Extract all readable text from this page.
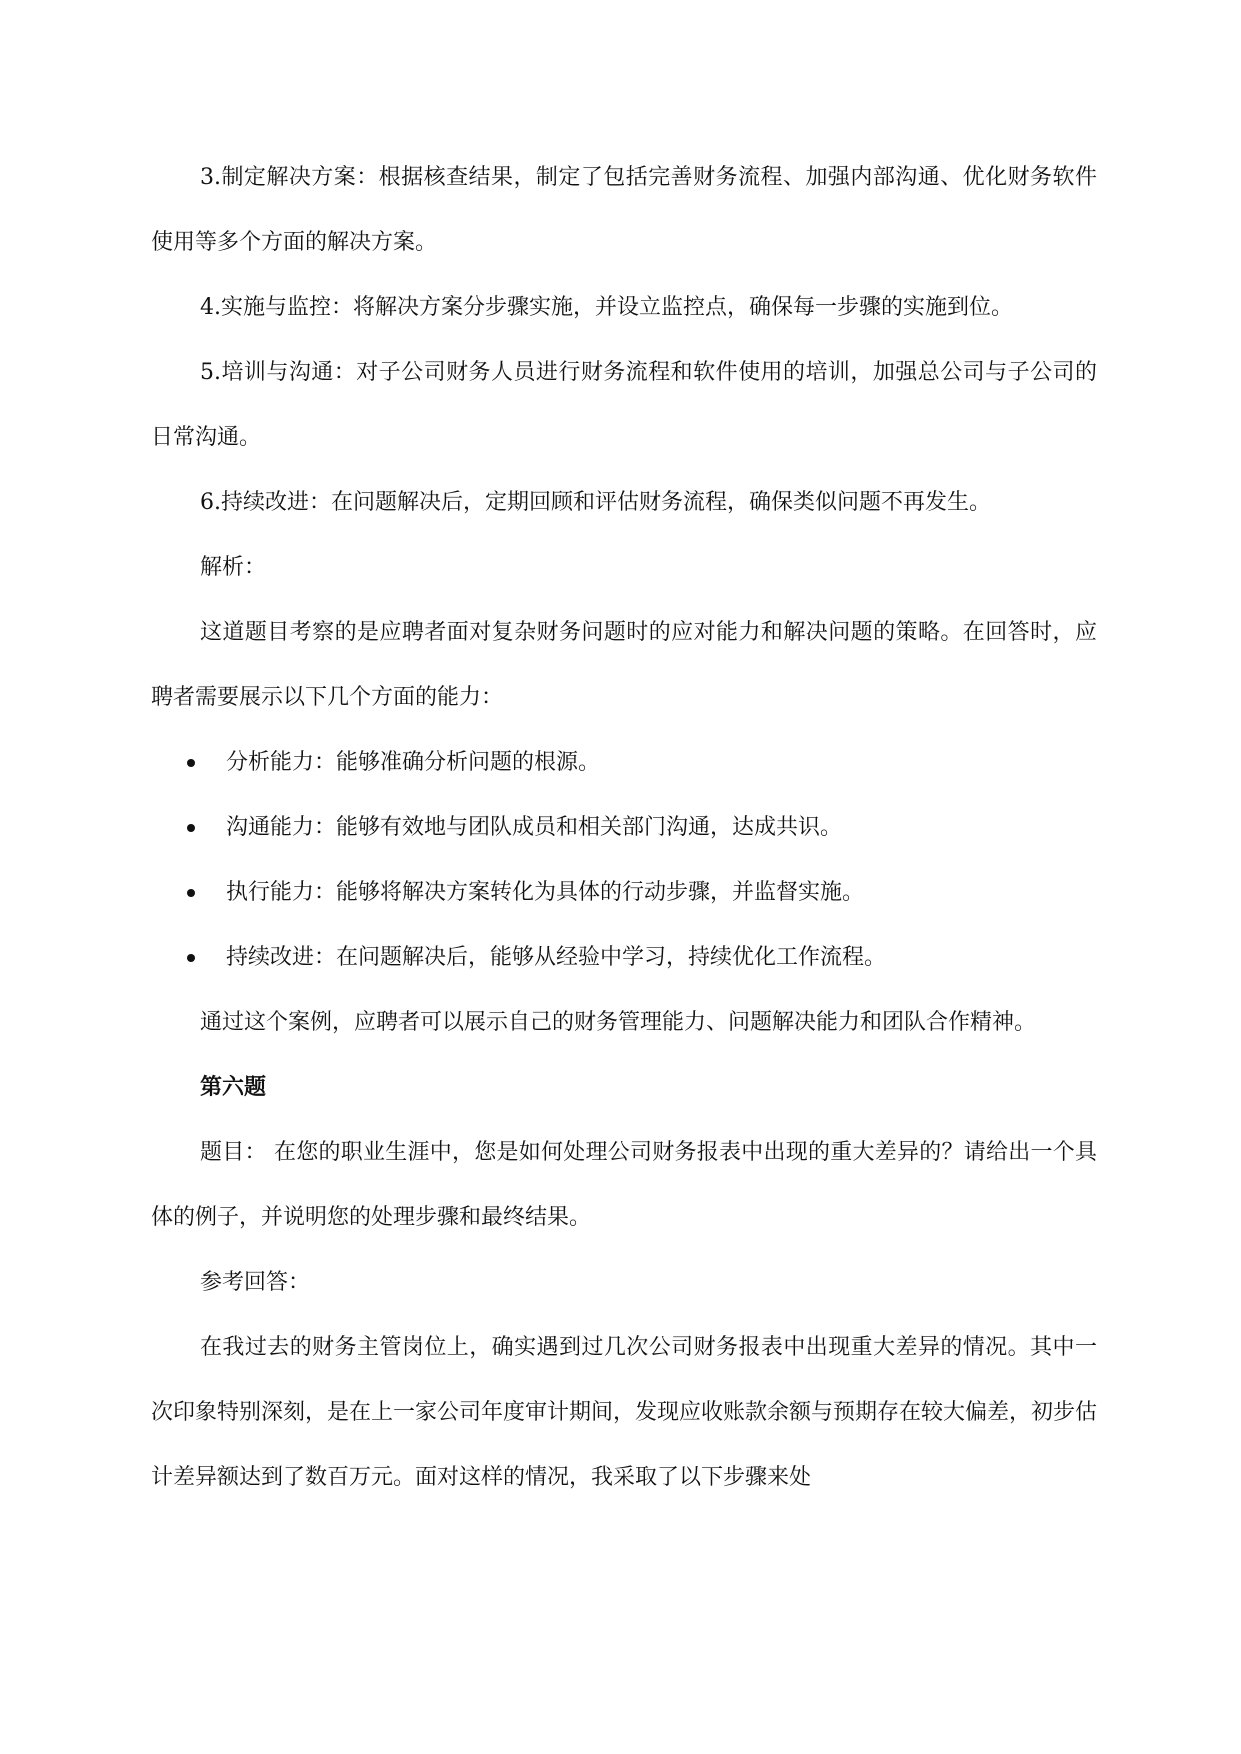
3.制定解决方案：根据核查结果，制定了包括完善财务流程、加强内部沟通、优化财务软件使用等多个方面的解决方案。

4.实施与监控：将解决方案分步骤实施，并设立监控点，确保每一步骤的实施到位。

5.培训与沟通：对子公司财务人员进行财务流程和软件使用的培训，加强总公司与子公司的日常沟通。

6.持续改进：在问题解决后，定期回顾和评估财务流程，确保类似问题不再发生。

解析：

这道题目考察的是应聘者面对复杂财务问题时的应对能力和解决问题的策略。在回答时，应聘者需要展示以下几个方面的能力：

分析能力：能够准确分析问题的根源。
沟通能力：能够有效地与团队成员和相关部门沟通，达成共识。
执行能力：能够将解决方案转化为具体的行动步骤，并监督实施。
持续改进：在问题解决后，能够从经验中学习，持续优化工作流程。

通过这个案例，应聘者可以展示自己的财务管理能力、问题解决能力和团队合作精神。

第六题

题目： 在您的职业生涯中，您是如何处理公司财务报表中出现的重大差异的？请给出一个具体的例子，并说明您的处理步骤和最终结果。

参考回答：

在我过去的财务主管岗位上，确实遇到过几次公司财务报表中出现重大差异的情况。其中一次印象特别深刻，是在上一家公司年度审计期间，发现应收账款余额与预期存在较大偏差，初步估计差异额达到了数百万元。面对这样的情况，我采取了以下步骤来处
